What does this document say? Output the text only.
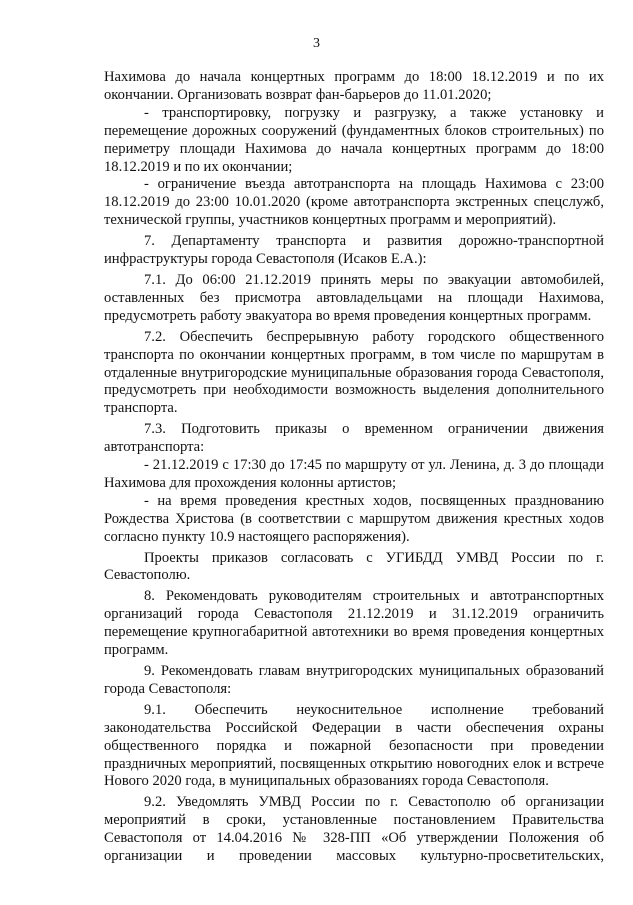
3

Нахимова до начала концертных программ до 18:00 18.12.2019 и по их окончании. Организовать возврат фан-барьеров до 11.01.2020;

- транспортировку, погрузку и разгрузку, а также установку и перемещение дорожных сооружений (фундаментных блоков строительных) по периметру площади Нахимова до начала концертных программ до 18:00 18.12.2019 и по их окончании;

- ограничение въезда автотранспорта на площадь Нахимова с 23:00 18.12.2019 до 23:00 10.01.2020 (кроме автотранспорта экстренных спецслужб, технической группы, участников концертных программ и мероприятий).

7. Департаменту транспорта и развития дорожно-транспортной инфраструктуры города Севастополя (Исаков Е.А.):

7.1. До 06:00 21.12.2019 принять меры по эвакуации автомобилей, оставленных без присмотра автовладельцами на площади Нахимова, предусмотреть работу эвакуатора во время проведения концертных программ.

7.2. Обеспечить беспрерывную работу городского общественного транспорта по окончании концертных программ, в том числе по маршрутам в отдаленные внутригородские муниципальные образования города Севастополя, предусмотреть при необходимости возможность выделения дополнительного транспорта.

7.3. Подготовить приказы о временном ограничении движения автотранспорта:

- 21.12.2019 с 17:30 до 17:45 по маршруту от ул. Ленина, д. 3 до площади Нахимова для прохождения колонны артистов;

- на время проведения крестных ходов, посвященных празднованию Рождества Христова (в соответствии с маршрутом движения крестных ходов согласно пункту 10.9 настоящего распоряжения).

Проекты приказов согласовать с УГИБДД УМВД России по г. Севастополю.

8. Рекомендовать руководителям строительных и автотранспортных организаций города Севастополя 21.12.2019 и 31.12.2019 ограничить перемещение крупногабаритной автотехники во время проведения концертных программ.

9. Рекомендовать главам внутригородских муниципальных образований города Севастополя:

9.1. Обеспечить неукоснительное исполнение требований законодательства Российской Федерации в части обеспечения охраны общественного порядка и пожарной безопасности при проведении праздничных мероприятий, посвященных открытию новогодних елок и встрече Нового 2020 года, в муниципальных образованиях города Севастополя.

9.2. Уведомлять УМВД России по г. Севастополю об организации мероприятий в сроки, установленные постановлением Правительства Севастополя от 14.04.2016 № 328-ПП «Об утверждении Положения об организации и проведении массовых культурно-просветительских,
